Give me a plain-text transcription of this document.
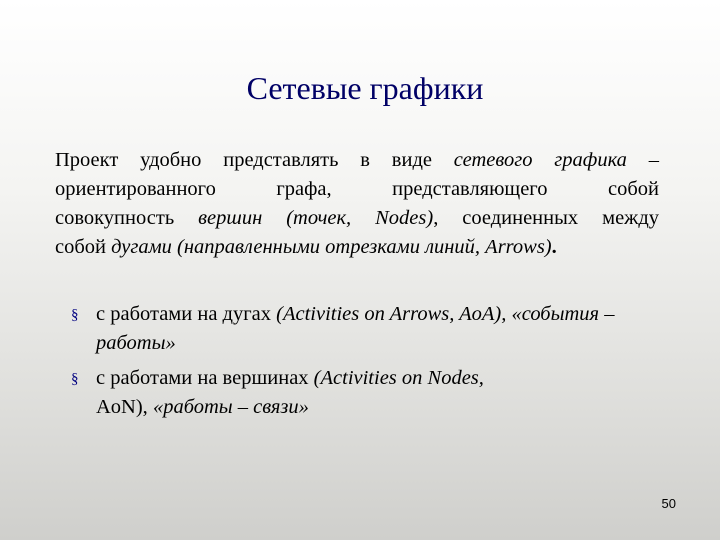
Сетевые графики
Проект удобно представлять в виде сетевого графика –
ориентированного графа, представляющего собой
совокупность вершин (точек, Nodes), соединенных между
собой дугами (направленными отрезками линий, Arrows).
§ с работами на дугах (Activities on Arrows, AoA), «события – работы»
§ с работами на вершинах (Activities on Nodes,
AoN), «работы – связи»
50
